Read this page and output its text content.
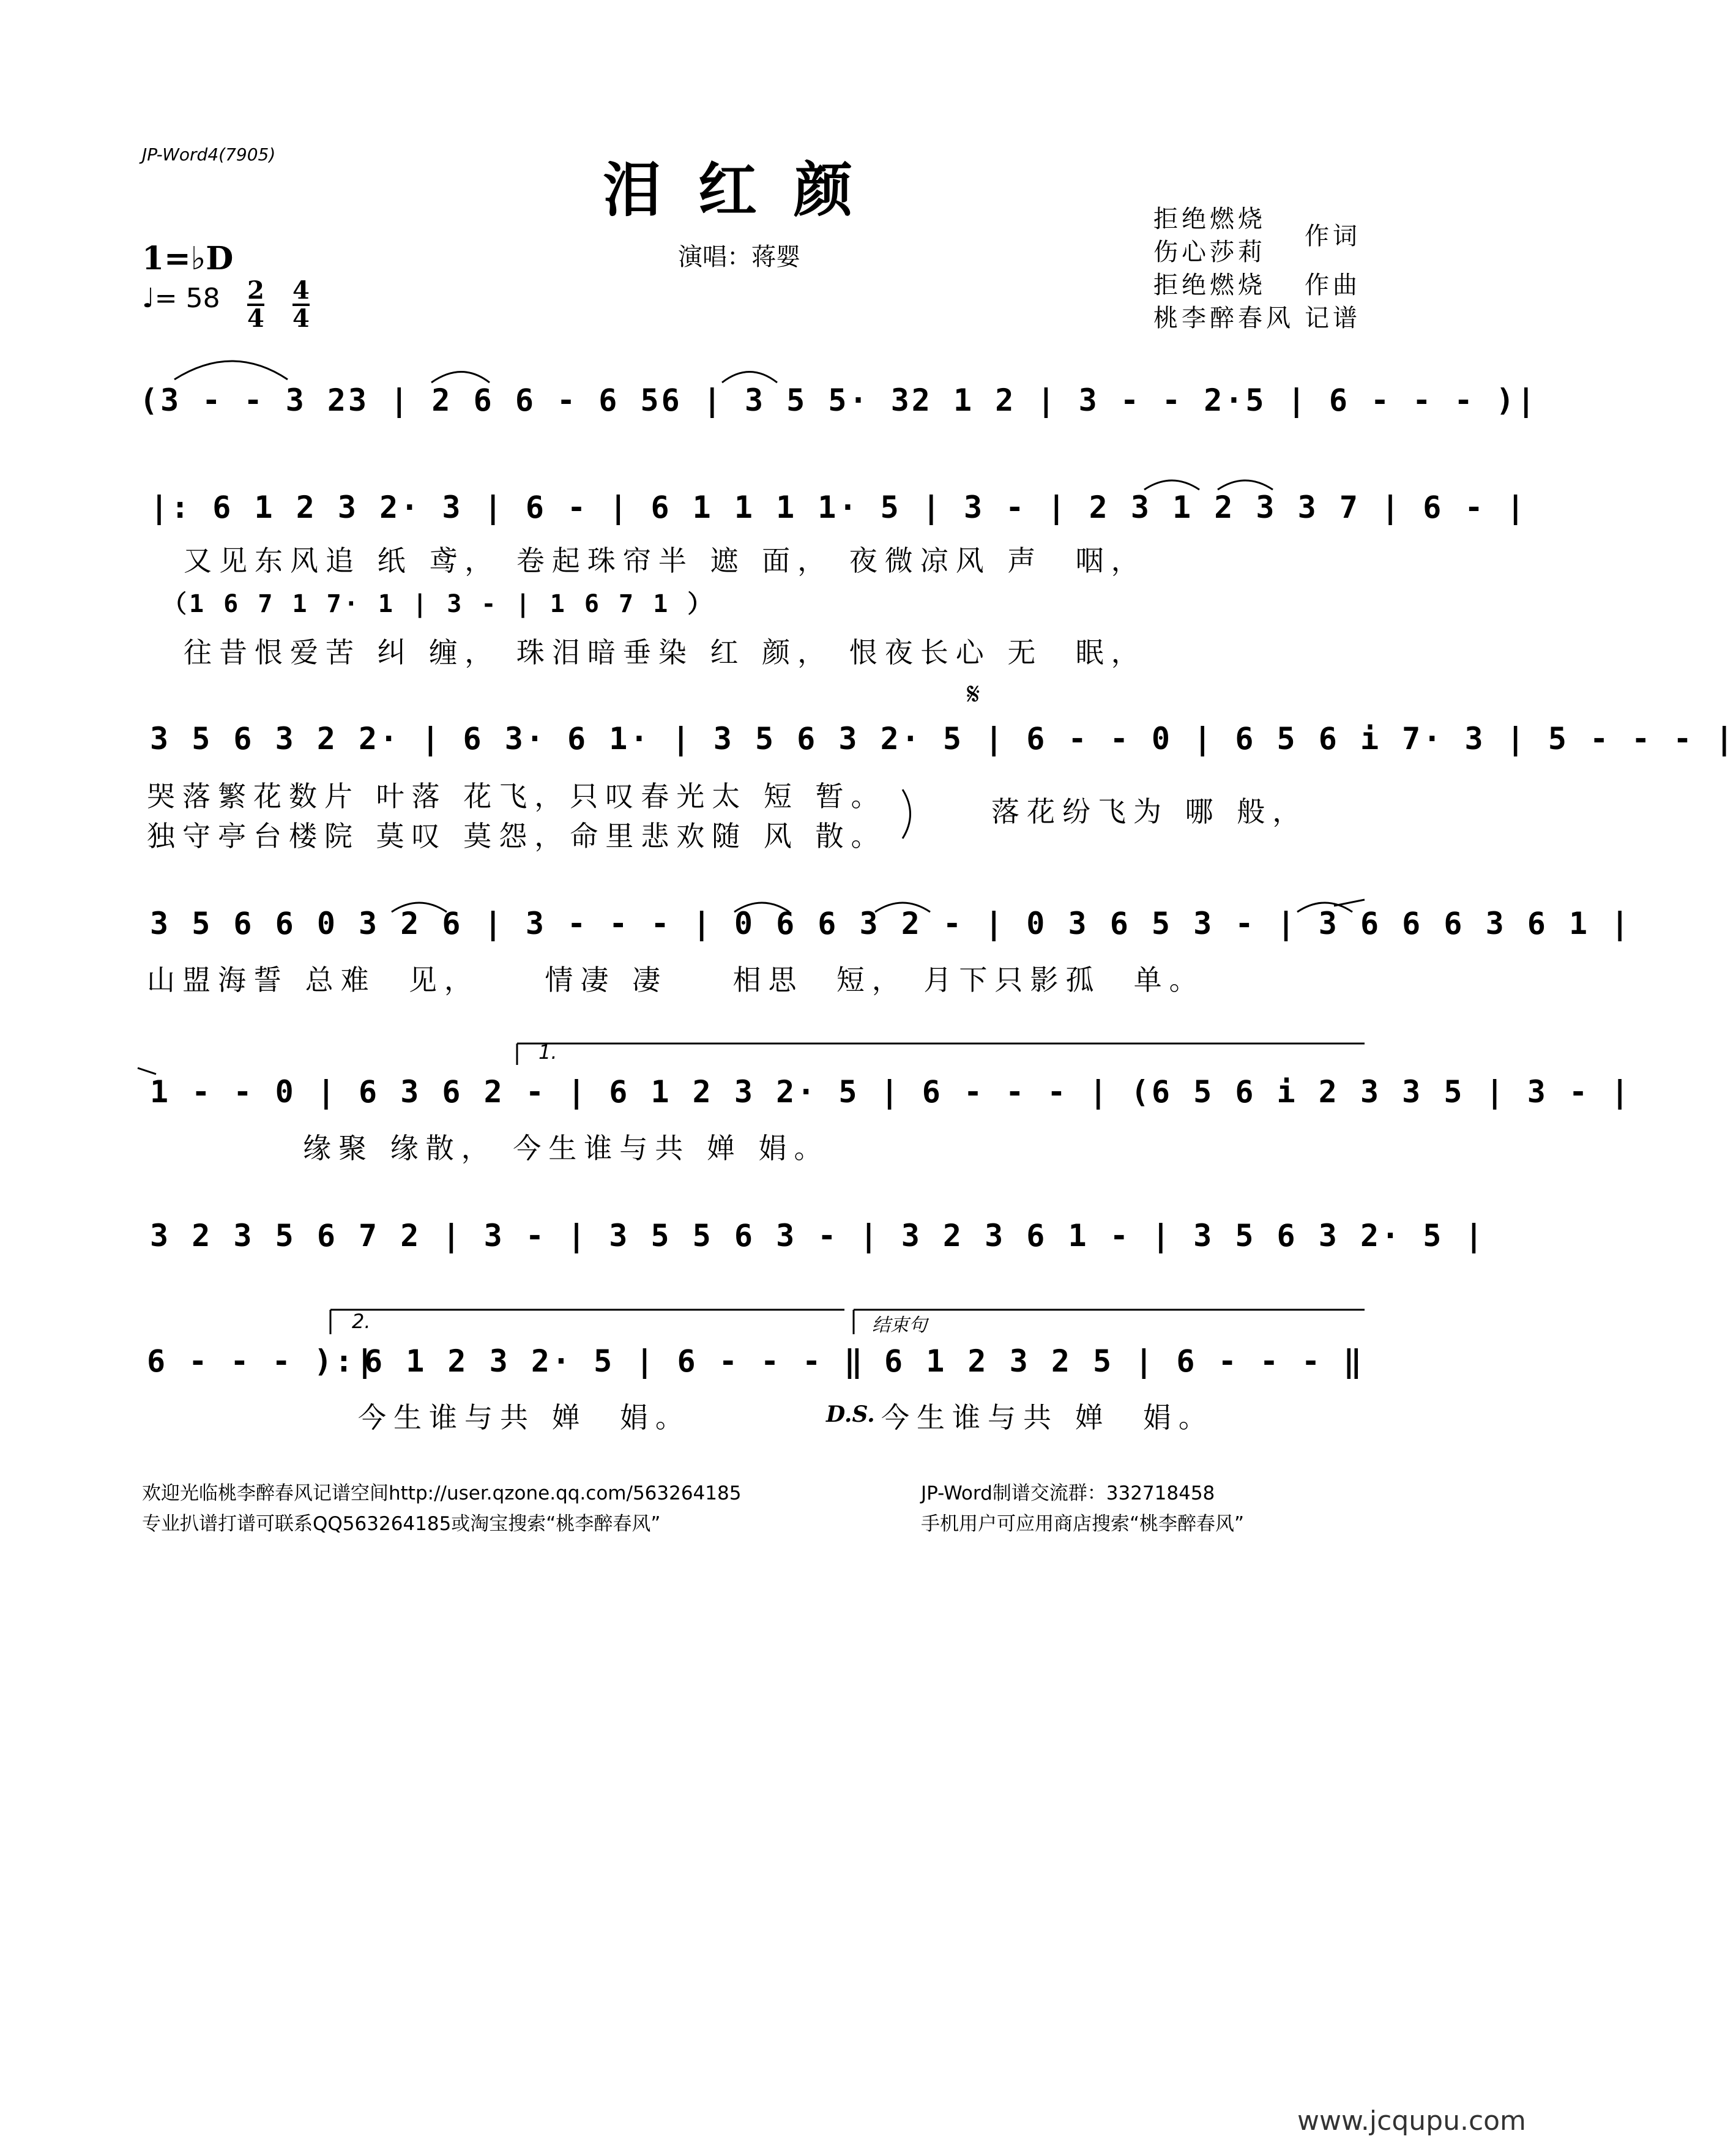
JP-Word4(7905)
泪红颜
演唱：蒋婴
1=♭D

2
4

4
4

♩= 58
拒绝燃烧
伤心莎莉
作词
拒绝燃烧 作曲
桃李醉春风 记谱
(3 - - 3 23 | 2 6 6 - 6 56 | 3 5 5· 32 1 2 | 3 - - 2·5 | 6 - - - )|
|: 6 1 2 3 2· 3 | 6 - | 6 1 1 1 1· 5 | 3 - | 2 3 1 2 3 3 7 | 6 - |
又见东风追 纸 鸢， 卷起珠帘半 遮 面， 夜微凉风 声  咽，
（1 6 7 1 7· 1 | 3 - | 1 6 7 1 ）
往昔恨爱苦 纠 缠， 珠泪暗垂染 红 颜， 恨夜长心 无  眠，
𝄋
3 5 6 3 2 2· | 6 3· 6 1· | 3 5 6 3 2· 5 | 6 - - 0 | 6 5 6 i 7· 3 | 5 - - - |
哭落繁花数片 叶落 花飞，只叹春光太 短 暂。
独守亭台楼院 莫叹 莫怨，命里悲欢随 风 散。
落花纷飞为 哪 般，
3 5 6 6 0 3 2 6 | 3 - - - | 0 6 6 3 2 - | 0 3 6 5 3 - | 3 6 6 6 3 6 1 |
山盟海誓 总难  见，    情凄 凄    相思  短， 月下只影孤  单。
1.
1 - - 0 | 6 3 6 2 - | 6 1 2 3 2· 5 | 6 - - - | (6 5 6 i 2 3 3 5 | 3 - |
缘聚 缘散， 今生谁与共 婵 娟。
3 2 3 5 6 7 2 | 3 - | 3 5 5 6 3 - | 3 2 3 6 1 - | 3 5 6 3 2· 5 |
2.	结束句
6 - - - ):|
6 1 2 3 2· 5 | 6 - - - ‖ 6 1 2 3 2 5 | 6 - - - ‖
今生谁与共 婵  娟。	D.S. 今生谁与共 婵  娟。
欢迎光临桃李醉春风记谱空间http://user.qzone.qq.com/563264185	JP-Word制谱交流群：332718458
专业扒谱打谱可联系QQ563264185或淘宝搜索“桃李醉春风”	手机用户可应用商店搜索“桃李醉春风”
www.jcqupu.com
